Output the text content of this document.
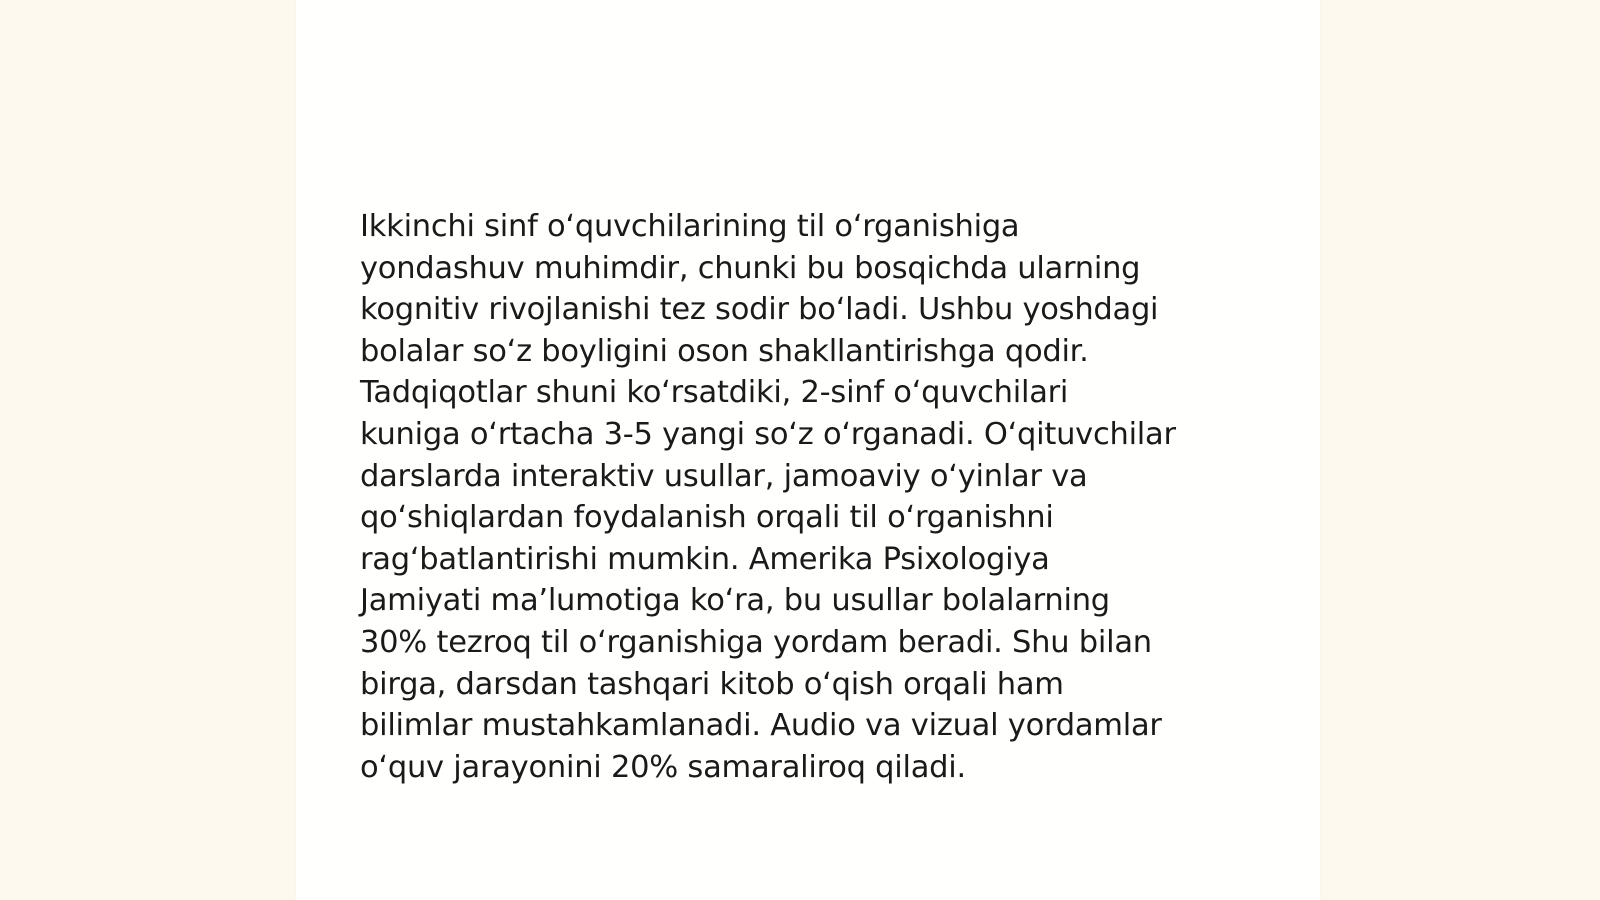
Ikkinchi sinf o‘quvchilarining til o‘rganishiga
yondashuv muhimdir, chunki bu bosqichda ularning
kognitiv rivojlanishi tez sodir bo‘ladi. Ushbu yoshdagi
bolalar so‘z boyligini oson shakllantirishga qodir.
Tadqiqotlar shuni ko‘rsatdiki, 2-sinf o‘quvchilari
kuniga o‘rtacha 3-5 yangi so‘z o‘rganadi. O‘qituvchilar
darslarda interaktiv usullar, jamoaviy o‘yinlar va
qo‘shiqlardan foydalanish orqali til o‘rganishni
rag‘batlantirishi mumkin. Amerika Psixologiya
Jamiyati ma’lumotiga ko‘ra, bu usullar bolalarning
30% tezroq til o‘rganishiga yordam beradi. Shu bilan
birga, darsdan tashqari kitob o‘qish orqali ham
bilimlar mustahkamlanadi. Audio va vizual yordamlar
o‘quv jarayonini 20% samaraliroq qiladi.
